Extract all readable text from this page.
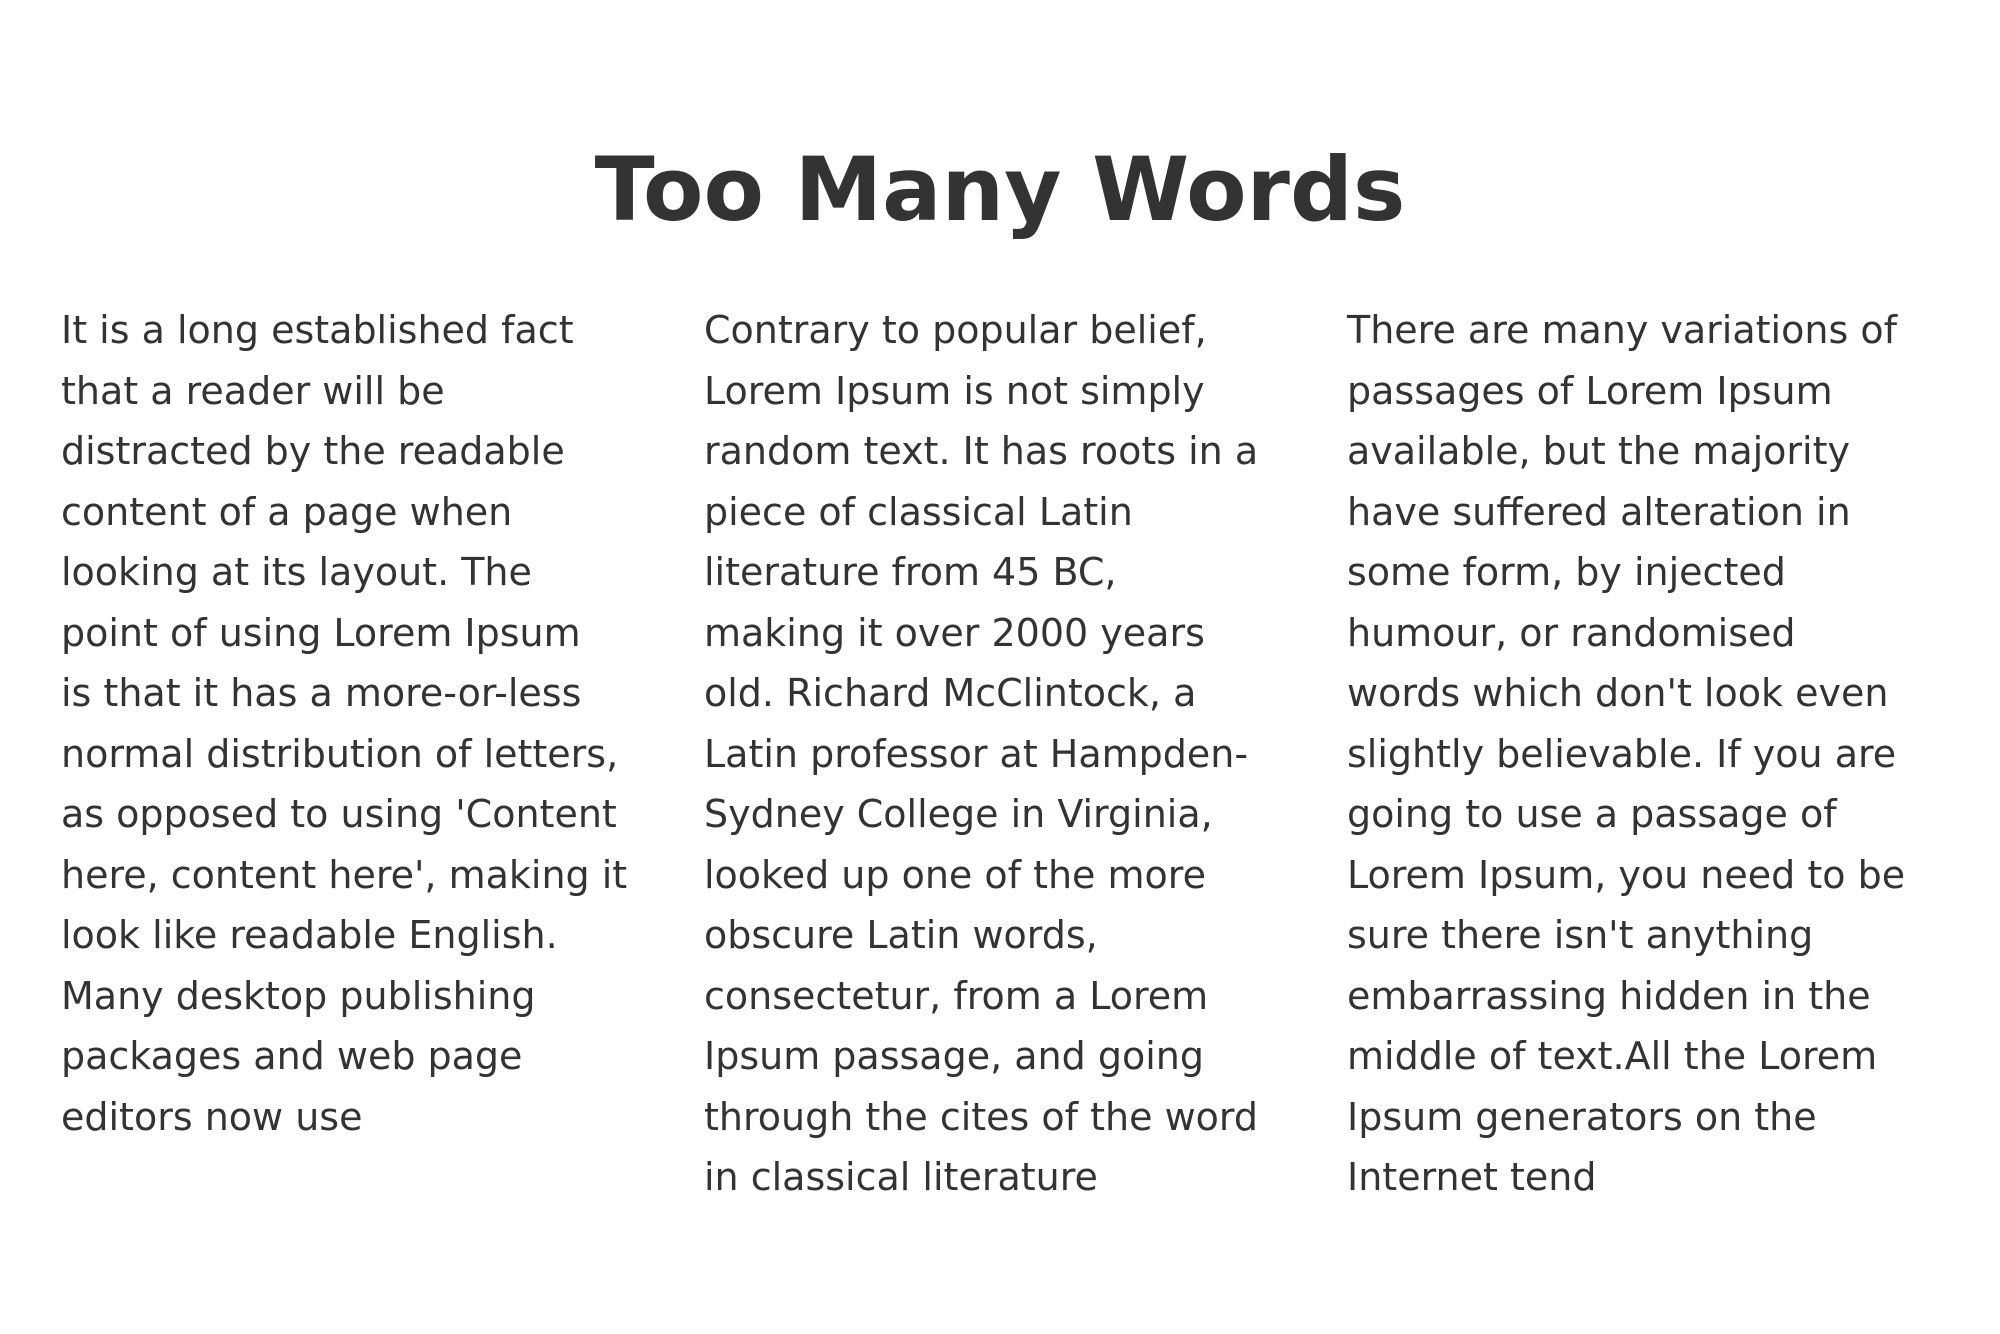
Too Many Words

It is a long established fact
that a reader will be
distracted by the readable
content of a page when
looking at its layout. The
point of using Lorem Ipsum
is that it has a more-or-less
normal distribution of letters,
as opposed to using 'Content
here, content here', making it
look like readable English.
Many desktop publishing
packages and web page
editors now use

Contrary to popular belief,
Lorem Ipsum is not simply
random text. It has roots in a
piece of classical Latin
literature from 45 BC,
making it over 2000 years
old. Richard McClintock, a
Latin professor at Hampden-
Sydney College in Virginia,
looked up one of the more
obscure Latin words,
consectetur, from a Lorem
Ipsum passage, and going
through the cites of the word
in classical literature

There are many variations of
passages of Lorem Ipsum
available, but the majority
have suffered alteration in
some form, by injected
humour, or randomised
words which don't look even
slightly believable. If you are
going to use a passage of
Lorem Ipsum, you need to be
sure there isn't anything
embarrassing hidden in the
middle of text.All the Lorem
Ipsum generators on the
Internet tend
